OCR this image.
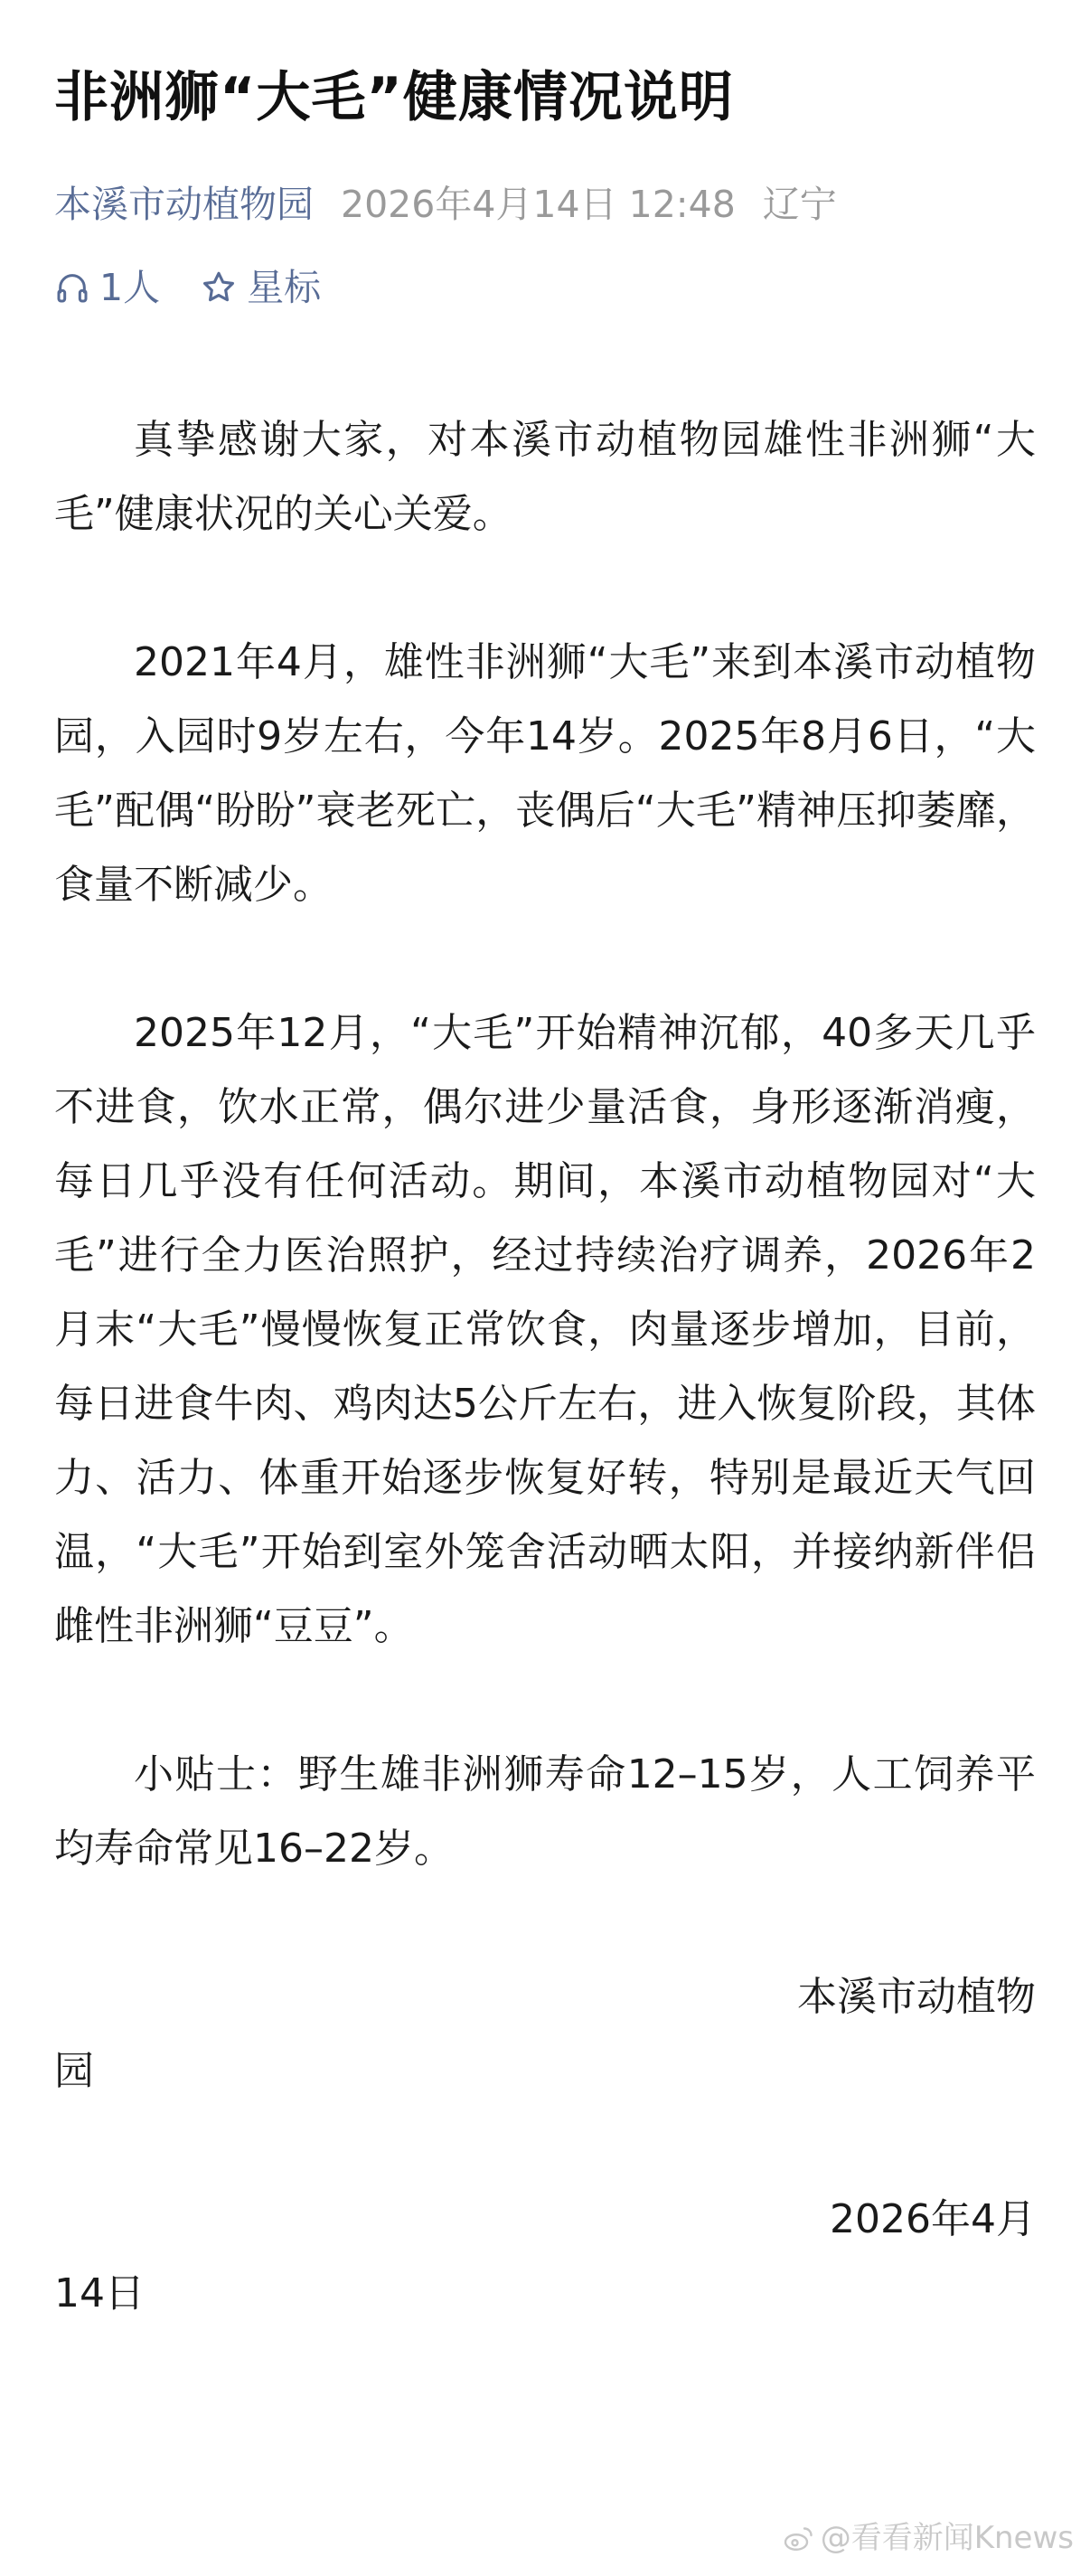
非洲狮“大毛”健康情况说明
本溪市动植物园 2026年4月14日 12:48 辽宁
1人 星标

真挚感谢大家，对本溪市动植物园雄性非洲狮“大毛”健康状况的关心关爱。

2021年4月，雄性非洲狮“大毛”来到本溪市动植物园，入园时9岁左右，今年14岁。2025年8月6日，“大毛”配偶“盼盼”衰老死亡，丧偶后“大毛”精神压抑萎靡，食量不断减少。

2025年12月，“大毛”开始精神沉郁，40多天几乎不进食，饮水正常，偶尔进少量活食，身形逐渐消瘦，每日几乎没有任何活动。期间，本溪市动植物园对“大毛”进行全力医治照护，经过持续治疗调养，2026年2月末“大毛”慢慢恢复正常饮食，肉量逐步增加，目前，每日进食牛肉、鸡肉达5公斤左右，进入恢复阶段，其体力、活力、体重开始逐步恢复好转，特别是最近天气回温，“大毛”开始到室外笼舍活动晒太阳，并接纳新伴侣雌性非洲狮“豆豆”。

小贴士：野生雄非洲狮寿命12–15岁，人工饲养平均寿命常见16–22岁。

本溪市动植物
园

2026年4月
14日

@看看新闻Knews
